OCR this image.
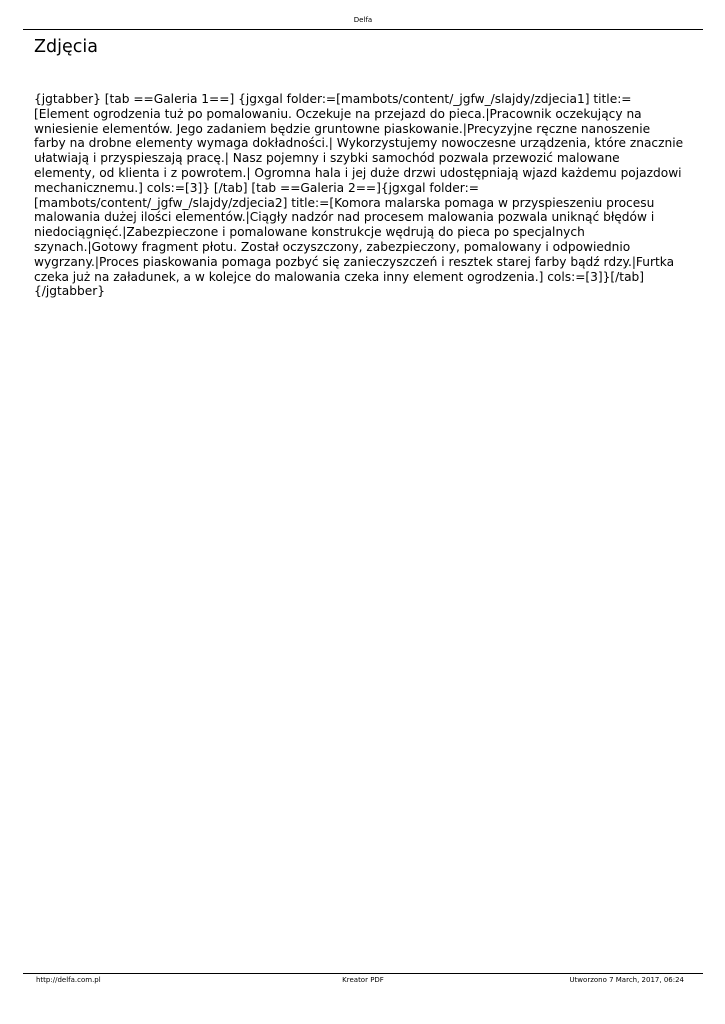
Delfa
Zdjęcia

{jgtabber} [tab ==Galeria 1==] {jgxgal folder:=[mambots/content/_jgfw_/slajdy/zdjecia1] title:=[Element ogrodzenia tuż po pomalowaniu. Oczekuje na przejazd do pieca.|Pracownik oczekujący na wniesienie elementów. Jego zadaniem będzie gruntowne piaskowanie.|Precyzyjne ręczne nanoszenie farby na drobne elementy wymaga dokładności.| Wykorzystujemy nowoczesne urządzenia, które znacznie ułatwiają i przyspieszają pracę.| Nasz pojemny i szybki samochód pozwala przewozić malowane elementy, od klienta i z powrotem.| Ogromna hala i jej duże drzwi udostępniają wjazd każdemu pojazdowi mechanicznemu.] cols:=[3]} [/tab] [tab ==Galeria 2==]{jgxgal folder:=[mambots/content/_jgfw_/slajdy/zdjecia2] title:=[Komora malarska pomaga w przyspieszeniu procesu malowania dużej ilości elementów.|Ciągły nadzór nad procesem malowania pozwala uniknąć błędów i niedociągnięć.|Zabezpieczone i pomalowane konstrukcje wędrują do pieca po specjalnych szynach.|Gotowy fragment płotu. Został oczyszczony, zabezpieczony, pomalowany i odpowiednio wygrzany.|Proces piaskowania pomaga pozbyć się zanieczyszczeń i resztek starej farby bądź rdzy.|Furtka czeka już na załadunek, a w kolejce do malowania czeka inny element ogrodzenia.] cols:=[3]}[/tab] {/jgtabber}

http://delfa.com.pl	Kreator PDF	Utworzono 7 March, 2017, 06:24
